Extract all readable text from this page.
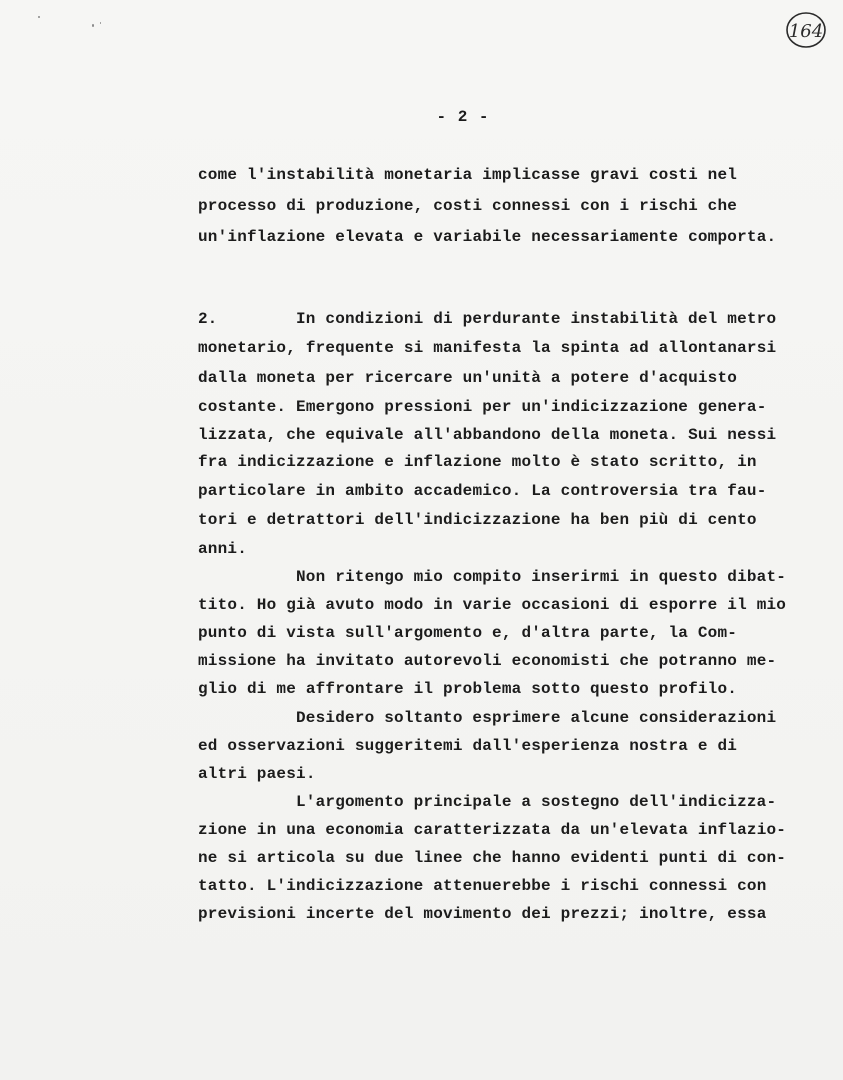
164
- 2 -
come l'instabilità monetaria implicasse gravi costi nel
processo di produzione, costi connessi con i rischi che
un'inflazione elevata e variabile necessariamente comporta.
2.	In condizioni di perdurante instabilità del metro
monetario, frequente si manifesta la spinta ad allontanarsi
dalla moneta per ricercare un'unità a potere d'acquisto
costante. Emergono pressioni per un'indicizzazione genera-
lizzata, che equivale all'abbandono della moneta. Sui nessi
fra indicizzazione e inflazione molto è stato scritto, in
particolare in ambito accademico. La controversia tra fau-
tori e detrattori dell'indicizzazione ha ben più di cento
anni.
Non ritengo mio compito inserirmi in questo dibat-
tito. Ho già avuto modo in varie occasioni di esporre il mio
punto di vista sull'argomento e, d'altra parte, la Com-
missione ha invitato autorevoli economisti che potranno me-
glio di me affrontare il problema sotto questo profilo.
Desidero soltanto esprimere alcune considerazioni
ed osservazioni suggeritemi dall'esperienza nostra e di
altri paesi.
L'argomento principale a sostegno dell'indicizza-
zione in una economia caratterizzata da un'elevata inflazio-
ne si articola su due linee che hanno evidenti punti di con-
tatto. L'indicizzazione attenuerebbe i rischi connessi con
previsioni incerte del movimento dei prezzi; inoltre, essa
